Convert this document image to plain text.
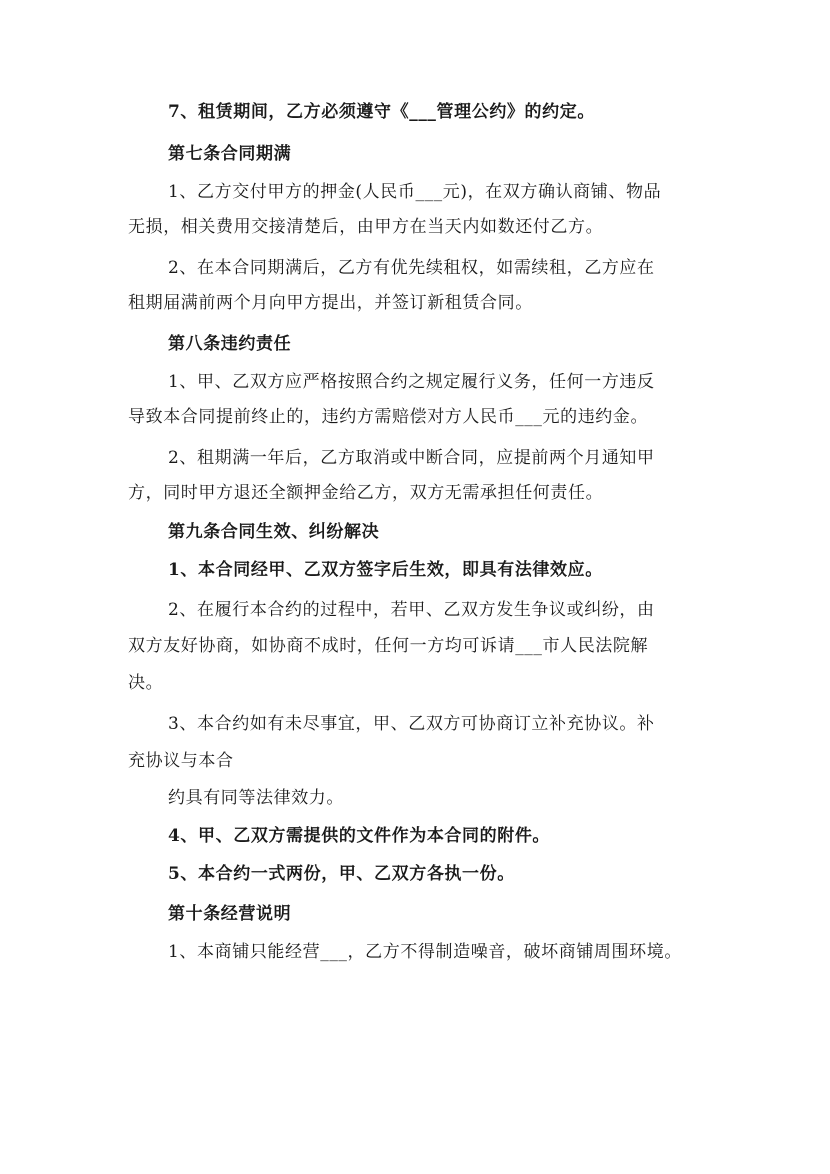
7、租赁期间，乙方必须遵守《___管理公约》的约定。
第七条合同期满
1、乙方交付甲方的押金(人民币___元)，在双方确认商铺、物品
无损，相关费用交接清楚后，由甲方在当天内如数还付乙方。
2、在本合同期满后，乙方有优先续租权，如需续租，乙方应在
租期届满前两个月向甲方提出，并签订新租赁合同。
第八条违约责任
1、甲、乙双方应严格按照合约之规定履行义务，任何一方违反
导致本合同提前终止的，违约方需赔偿对方人民币___元的违约金。
2、租期满一年后，乙方取消或中断合同，应提前两个月通知甲
方，同时甲方退还全额押金给乙方，双方无需承担任何责任。
第九条合同生效、纠纷解决
1、本合同经甲、乙双方签字后生效，即具有法律效应。
2、在履行本合约的过程中，若甲、乙双方发生争议或纠纷，由
双方友好协商，如协商不成时，任何一方均可诉请___市人民法院解
决。
3、本合约如有未尽事宜，甲、乙双方可协商订立补充协议。补
充协议与本合
约具有同等法律效力。
4、甲、乙双方需提供的文件作为本合同的附件。
5、本合约一式两份，甲、乙双方各执一份。
第十条经营说明
1、本商铺只能经营___，乙方不得制造噪音，破坏商铺周围环境。
